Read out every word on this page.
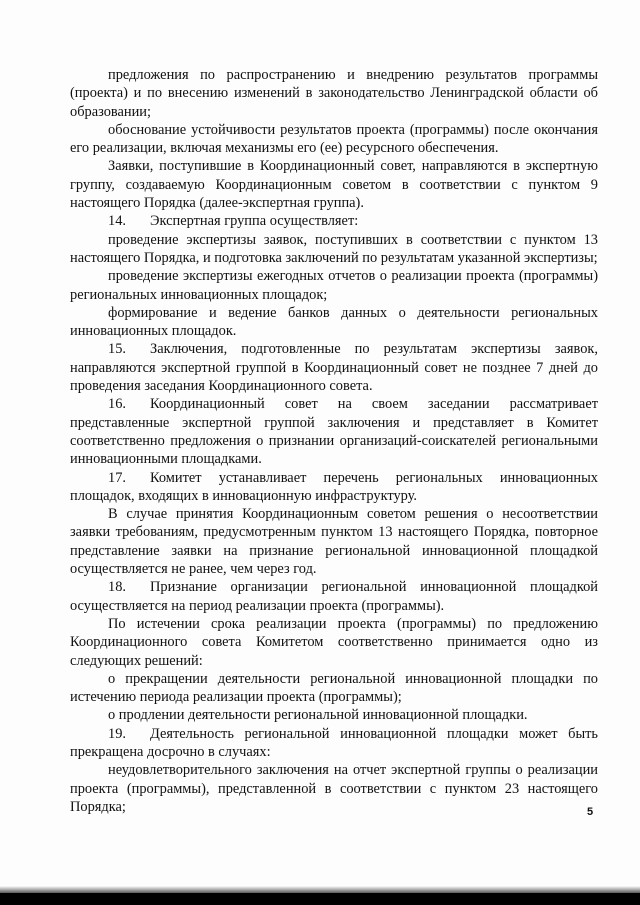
предложения по распространению и внедрению результатов программы (проекта) и по внесению изменений в законодательство Ленинградской области об образовании;

обоснование устойчивости результатов проекта (программы) после окончания его реализации, включая механизмы его (ее) ресурсного обеспечения.

Заявки, поступившие в Координационный совет, направляются в экспертную группу, создаваемую Координационным советом в соответствии с пунктом 9 настоящего Порядка (далее-экспертная группа).

14. Экспертная группа осуществляет:

проведение экспертизы заявок, поступивших в соответствии с пунктом 13 настоящего Порядка, и подготовка заключений по результатам указанной экспертизы;

проведение экспертизы ежегодных отчетов о реализации проекта (программы) региональных инновационных площадок;

формирование и ведение банков данных о деятельности региональных инновационных площадок.

15. Заключения, подготовленные по результатам экспертизы заявок, направляются экспертной группой в Координационный совет не позднее 7 дней до проведения заседания Координационного совета.

16. Координационный совет на своем заседании рассматривает представленные экспертной группой заключения и представляет в Комитет соответственно предложения о признании организаций-соискателей региональными инновационными площадками.

17. Комитет устанавливает перечень региональных инновационных площадок, входящих в инновационную инфраструктуру.

В случае принятия Координационным советом решения о несоответствии заявки требованиям, предусмотренным пунктом 13 настоящего Порядка, повторное представление заявки на признание региональной инновационной площадкой осуществляется не ранее, чем через год.

18. Признание организации региональной инновационной площадкой осуществляется на период реализации проекта (программы).

По истечении срока реализации проекта (программы) по предложению Координационного совета Комитетом соответственно принимается одно из следующих решений:

о прекращении деятельности региональной инновационной площадки по истечению периода реализации проекта (программы);

о продлении деятельности региональной инновационной площадки.

19. Деятельность региональной инновационной площадки может быть прекращена досрочно в случаях:

неудовлетворительного заключения на отчет экспертной группы о реализации проекта (программы), представленной в соответствии с пунктом 23 настоящего Порядка;	5
